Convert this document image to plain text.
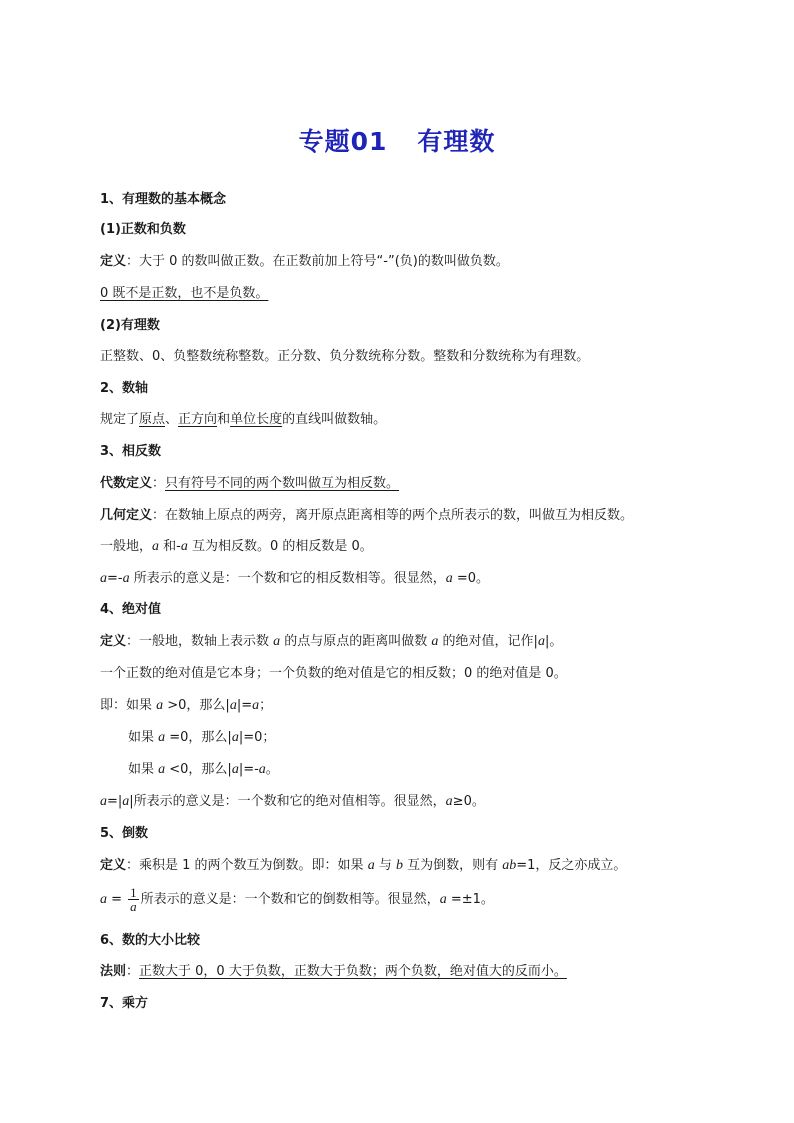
专题01 有理数
1、有理数的基本概念
(1)正数和负数
定义：大于 0 的数叫做正数。在正数前加上符号“-”(负)的数叫做负数。
0 既不是正数，也不是负数。
(2)有理数
正整数、0、负整数统称整数。正分数、负分数统称分数。整数和分数统称为有理数。
2、数轴
规定了原点、正方向和单位长度的直线叫做数轴。
3、相反数
代数定义：只有符号不同的两个数叫做互为相反数。
几何定义：在数轴上原点的两旁，离开原点距离相等的两个点所表示的数，叫做互为相反数。
一般地，a 和-a 互为相反数。0 的相反数是 0。
a=-a 所表示的意义是：一个数和它的相反数相等。很显然，a =0。
4、绝对值
定义：一般地，数轴上表示数 a 的点与原点的距离叫做数 a 的绝对值，记作|a|。
一个正数的绝对值是它本身；一个负数的绝对值是它的相反数；0 的绝对值是 0。
即：如果 a >0，那么|a|=a；
如果 a =0，那么|a|=0；
如果 a <0，那么|a|=-a。
a=|a|所表示的意义是：一个数和它的绝对值相等。很显然，a≥0。
5、倒数
定义：乘积是 1 的两个数互为倒数。即：如果 a 与 b 互为倒数，则有 ab=1，反之亦成立。
$a = \frac{1}{a}$ 所表示的意义是：一个数和它的倒数相等。很显然，a =±1。
6、数的大小比较
法则：正数大于 0，0 大于负数，正数大于负数；两个负数，绝对值大的反而小。
7、乘方
